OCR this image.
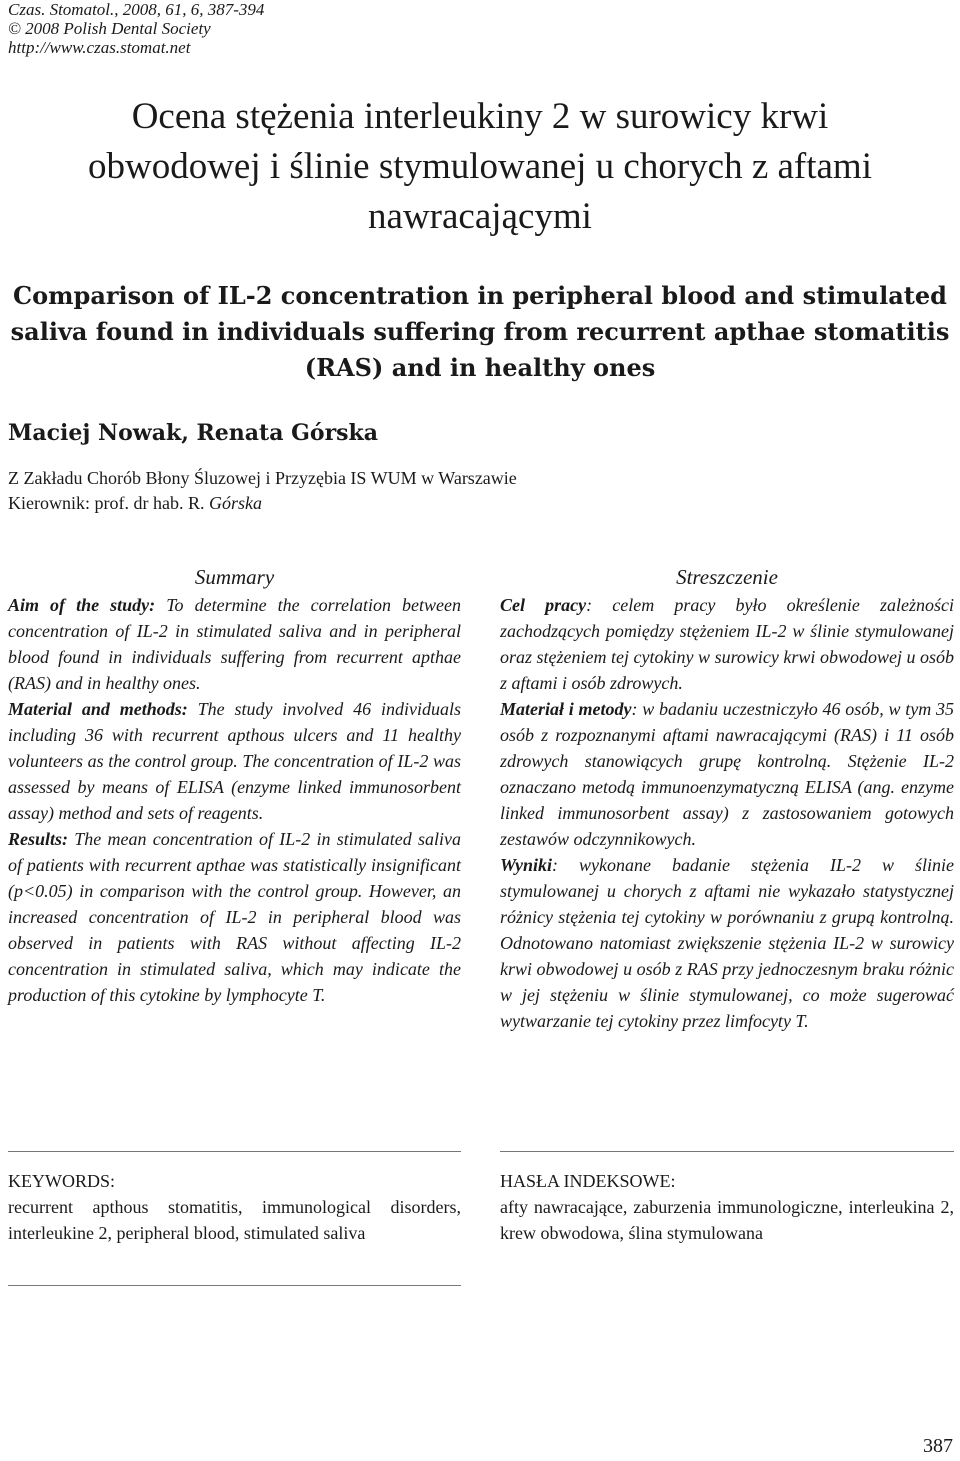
Czas. Stomatol., 2008, 61, 6, 387-394
© 2008 Polish Dental Society
http://www.czas.stomat.net
Ocena stężenia interleukiny 2 w surowicy krwi
obwodowej i ślinie stymulowanej u chorych z aftami
nawracającymi
Comparison of IL-2 concentration in peripheral blood and stimulated
saliva found in individuals suffering from recurrent apthae stomatitis
(RAS) and in healthy ones
Maciej Nowak, Renata Górska
Z Zakładu Chorób Błony Śluzowej i Przyzębia IS WUM w Warszawie
Kierownik: prof. dr hab. R. Górska
Summary

Aim of the study: To determine the correlation between concentration of IL-2 in stimulated saliva and in peripheral blood found in individuals suffering from recurrent apthae (RAS) and in healthy ones.

Material and methods: The study involved 46 individuals including 36 with recurrent apthous ulcers and 11 healthy volunteers as the control group. The concentration of IL-2 was assessed by means of ELISA (enzyme linked immunosorbent assay) method and sets of reagents.

Results: The mean concentration of IL-2 in stimulated saliva of patients with recurrent apthae was statistically insignificant (p<0.05) in comparison with the control group. However, an increased concentration of IL-2 in peripheral blood was observed in patients with RAS without affecting IL-2 concentration in stimulated saliva, which may indicate the production of this cytokine by lymphocyte T.

Streszczenie

Cel pracy: celem pracy było określenie zależności zachodzących pomiędzy stężeniem IL-2 w ślinie stymulowanej oraz stężeniem tej cytokiny w surowicy krwi obwodowej u osób z aftami i osób zdrowych.

Materiał i metody: w badaniu uczestniczyło 46 osób, w tym 35 osób z rozpoznanymi aftami nawracającymi (RAS) i 11 osób zdrowych stanowiących grupę kontrolną. Stężenie IL-2 oznaczano metodą immunoenzymatyczną ELISA (ang. enzyme linked immunosorbent assay) z zastosowaniem gotowych zestawów odczynnikowych.

Wyniki: wykonane badanie stężenia IL-2 w ślinie stymulowanej u chorych z aftami nie wykazało statystycznej różnicy stężenia tej cytokiny w porównaniu z grupą kontrolną. Odnotowano natomiast zwiększenie stężenia IL-2 w surowicy krwi obwodowej u osób z RAS przy jednoczesnym braku różnic w jej stężeniu w ślinie stymulowanej, co może sugerować wytwarzanie tej cytokiny przez limfocyty T.

KEYWORDS:
recurrent apthous stomatitis, immunological disorders, interleukine 2, peripheral blood, stimulated saliva
HASŁA INDEKSOWE:
afty nawracające, zaburzenia immunologiczne, interleukina 2, krew obwodowa, ślina stymulowana
387
